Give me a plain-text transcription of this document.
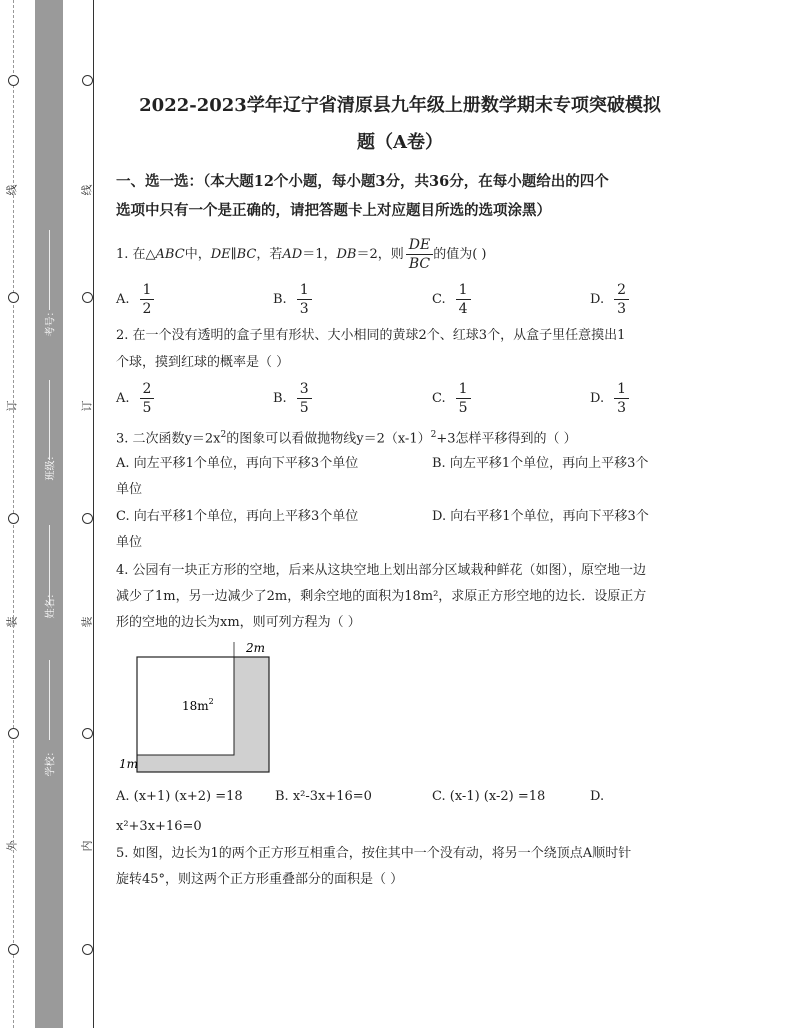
线
订
装
外
线
订
装
内
考号：
班级：
姓名：
学校：
2022-2023学年辽宁省清原县九年级上册数学期末专项突破模拟
题（A卷）
一、选一选：（本大题12个小题，每小题3分，共36分，在每小题给出的四个
选项中只有一个是正确的，请把答题卡上对应题目所选的选项涂黑）
1. 在△ABC中，DE∥BC，若AD＝1，DB＝2，则 $\frac{DE}{BC}$ 的值为( )
A. $\frac{1}{2}$	B. $\frac{1}{3}$	C. $\frac{1}{4}$	D. $\frac{2}{3}$
2. 在一个没有透明的盒子里有形状、大小相同的黄球2个、红球3个，从盒子里任意摸出1
个球，摸到红球的概率是（ ）
A. $\frac{2}{5}$	B. $\frac{3}{5}$	C. $\frac{1}{5}$	D. $\frac{1}{3}$
3. 二次函数$y=2x^2$的图象可以看做抛物线$y=2(x-1)^2+3$怎样平移得到的（ ）
A. 向左平移1个单位，再向下平移3个单位	B. 向左平移1个单位，再向上平移3个
单位
C. 向右平移1个单位，再向上平移3个单位	D. 向右平移1个单位，再向下平移3个
单位
4. 公园有一块正方形的空地，后来从这块空地上划出部分区域栽种鲜花（如图），原空地一边
减少了1m，另一边减少了2m，剩余空地的面积为18m²，求原正方形空地的边长．设原正方
形的空地的边长为xm，则可列方程为（ ）
2m
$18m^2$
1m
A. (x+1) (x+2) =18	B. x²-3x+16=0	C. (x-1) (x-2) =18	D.
x²+3x+16=0
5. 如图，边长为1的两个正方形互相重合，按住其中一个没有动，将另一个绕顶点A顺时针
旋转45°，则这两个正方形重叠部分的面积是（ ）
